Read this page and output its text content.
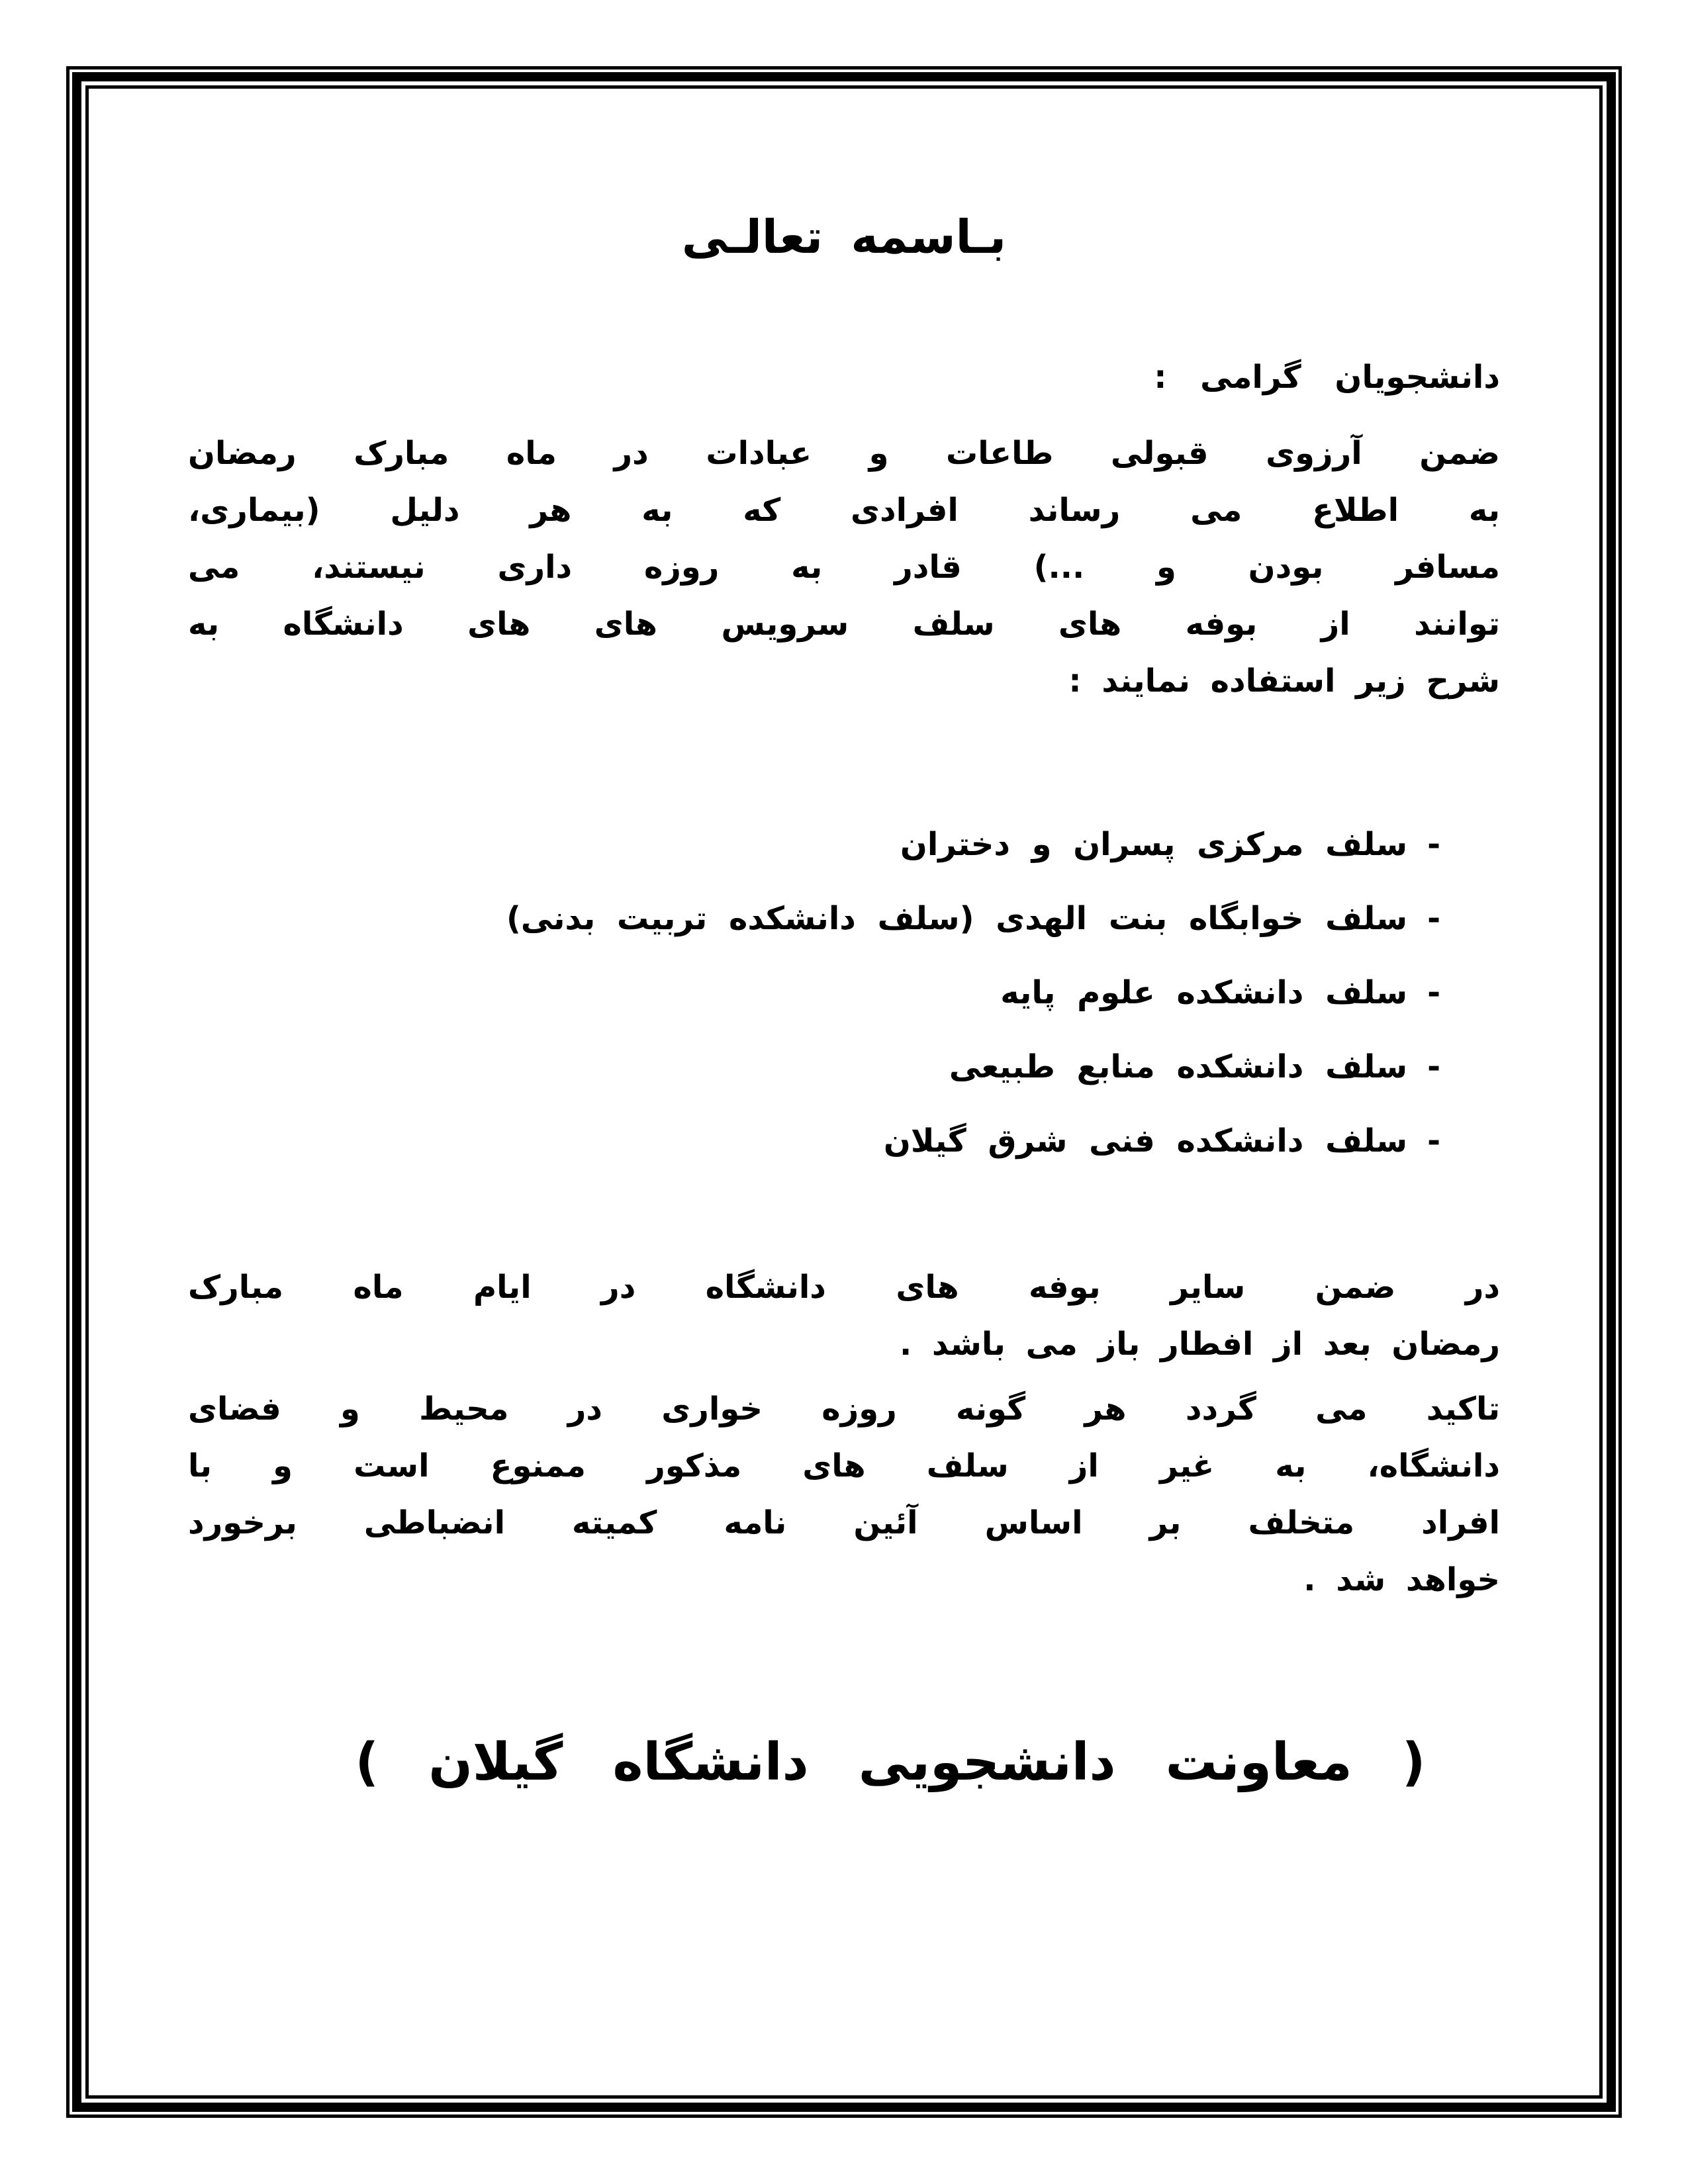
بـاسمه تعالـی
دانشجویان گرامی :
ضمن آرزوی قبولی طاعات و عبادات در ماه مبارک رمضان
به اطلاع می رساند افرادی که به هر دلیل (بیماری،
مسافر بودن و ...) قادر به روزه داری نیستند، می
توانند از بوفه های سلف سرویس های های دانشگاه به
شرح زیر استفاده نمایند :
-سلف مرکزی پسران و دختران
-سلف خوابگاه بنت الهدی (سلف دانشکده تربیت بدنی)
-سلف دانشکده علوم پایه
-سلف دانشکده منابع طبیعی
-سلف دانشکده فنی شرق گیلان
در ضمن سایر بوفه های دانشگاه در ایام ماه مبارک
رمضان بعد از افطار باز می باشد .
تاکید می گردد هر گونه روزه خواری در محیط و فضای
دانشگاه، به غیر از سلف های مذکور ممنوع است و با
افراد متخلف بر اساس آئین نامه کمیته انضباطی برخورد
خواهد شد .
( معاونت دانشجویی دانشگاه گیلان )
